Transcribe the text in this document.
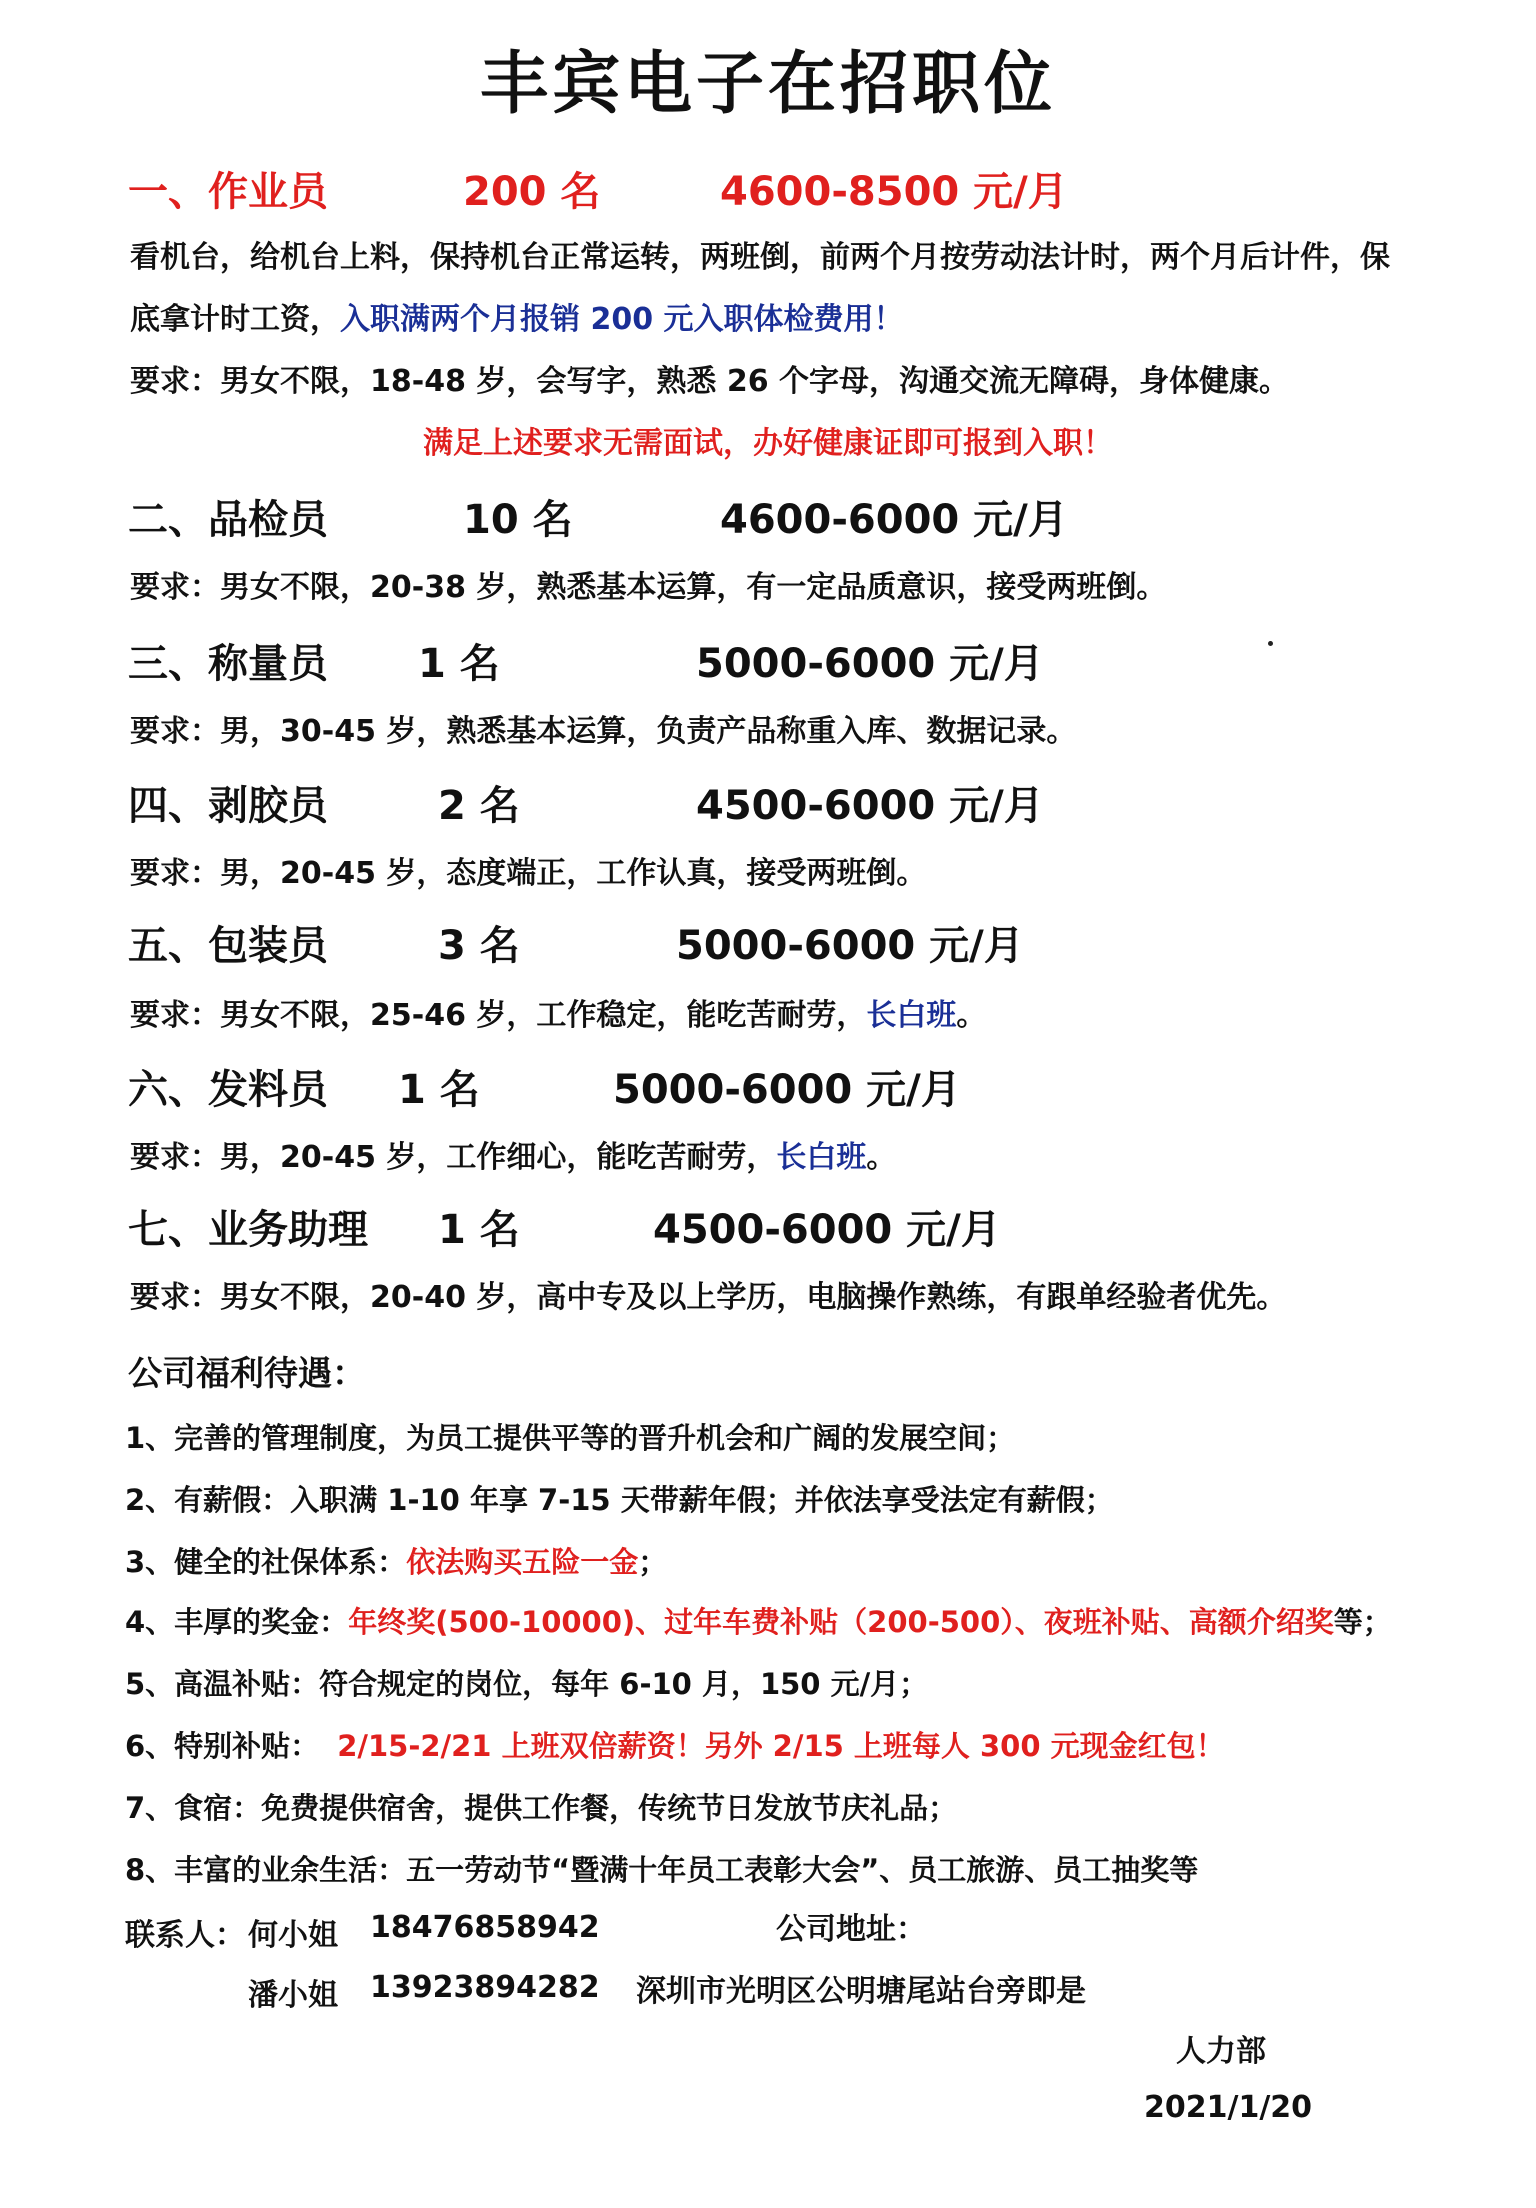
丰宾电子在招职位
一、作业员	200 名	4600-8500 元/月
看机台，给机台上料，保持机台正常运转，两班倒，前两个月按劳动法计时，两个月后计件，保
底拿计时工资，入职满两个月报销 200 元入职体检费用！
要求：男女不限，18-48 岁，会写字，熟悉 26 个字母，沟通交流无障碍，身体健康。
满足上述要求无需面试，办好健康证即可报到入职！
二、品检员	10 名	4600-6000 元/月
要求：男女不限，20-38 岁，熟悉基本运算，有一定品质意识，接受两班倒。
三、称量员 1 名	5000-6000 元/月
要求：男，30-45 岁，熟悉基本运算，负责产品称重入库、数据记录。
四、剥胶员	2 名	4500-6000 元/月
要求：男，20-45 岁，态度端正，工作认真，接受两班倒。
五、包装员	3 名	5000-6000 元/月
要求：男女不限，25-46 岁，工作稳定，能吃苦耐劳，长白班。
六、发料员 1 名	5000-6000 元/月
要求：男，20-45 岁，工作细心，能吃苦耐劳，长白班。
七、业务助理 1 名	4500-6000 元/月
要求：男女不限，20-40 岁，高中专及以上学历，电脑操作熟练，有跟单经验者优先。
公司福利待遇：
1、完善的管理制度，为员工提供平等的晋升机会和广阔的发展空间；
2、有薪假：入职满 1-10 年享 7-15 天带薪年假；并依法享受法定有薪假；
3、健全的社保体系：依法购买五险一金；
4、丰厚的奖金：年终奖(500-10000)、过年车费补贴（200-500）、夜班补贴、高额介绍奖等；
5、高温补贴：符合规定的岗位，每年 6-10 月，150 元/月；
6、特别补贴： 2/15-2/21 上班双倍薪资！另外 2/15 上班每人 300 元现金红包！
7、食宿：免费提供宿舍，提供工作餐，传统节日发放节庆礼品；
8、丰富的业余生活：五一劳动节“暨满十年员工表彰大会”、员工旅游、员工抽奖等
联系人： 何小姐 18476858942	公司地址：
潘小姐 13923894282 深圳市光明区公明塘尾站台旁即是
人力部
2021/1/20
